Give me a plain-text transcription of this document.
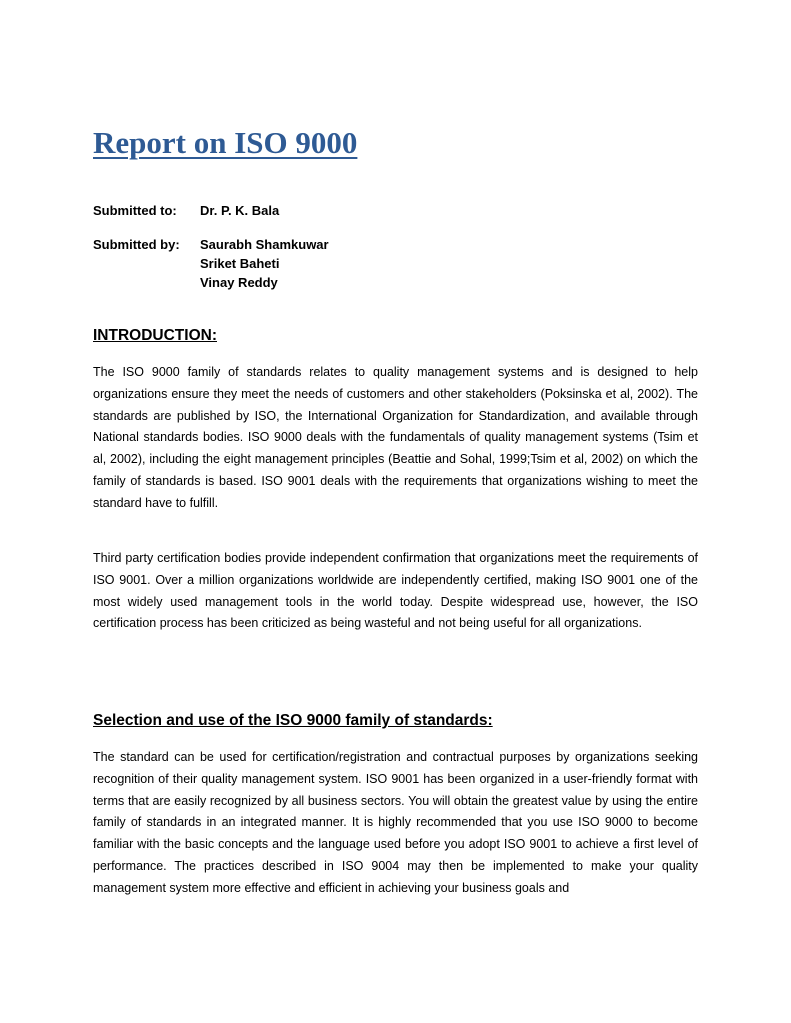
Report on ISO 9000
Submitted to:	Dr. P. K. Bala
Submitted by:	Saurabh Shamkuwar
Sriket Baheti
Vinay Reddy
INTRODUCTION:

The ISO 9000 family of standards relates to quality management systems and is designed to help organizations ensure they meet the needs of customers and other stakeholders (Poksinska et al, 2002). The standards are published by ISO, the International Organization for Standardization, and available through National standards bodies. ISO 9000 deals with the fundamentals of quality management systems (Tsim et al, 2002), including the eight management principles (Beattie and Sohal, 1999;Tsim et al, 2002) on which the family of standards is based. ISO 9001 deals with the requirements that organizations wishing to meet the standard have to fulfill.

Third party certification bodies provide independent confirmation that organizations meet the requirements of ISO 9001. Over a million organizations worldwide are independently certified, making ISO 9001 one of the most widely used management tools in the world today. Despite widespread use, however, the ISO certification process has been criticized as being wasteful and not being useful for all organizations.

Selection and use of the ISO 9000 family of standards:

The standard can be used for certification/registration and contractual purposes by organizations seeking recognition of their quality management system. ISO 9001 has been organized in a user-friendly format with terms that are easily recognized by all business sectors. You will obtain the greatest value by using the entire family of standards in an integrated manner. It is highly recommended that you use ISO 9000 to become familiar with the basic concepts and the language used before you adopt ISO 9001 to achieve a first level of performance. The practices described in ISO 9004 may then be implemented to make your quality management system more effective and efficient in achieving your business goals and
